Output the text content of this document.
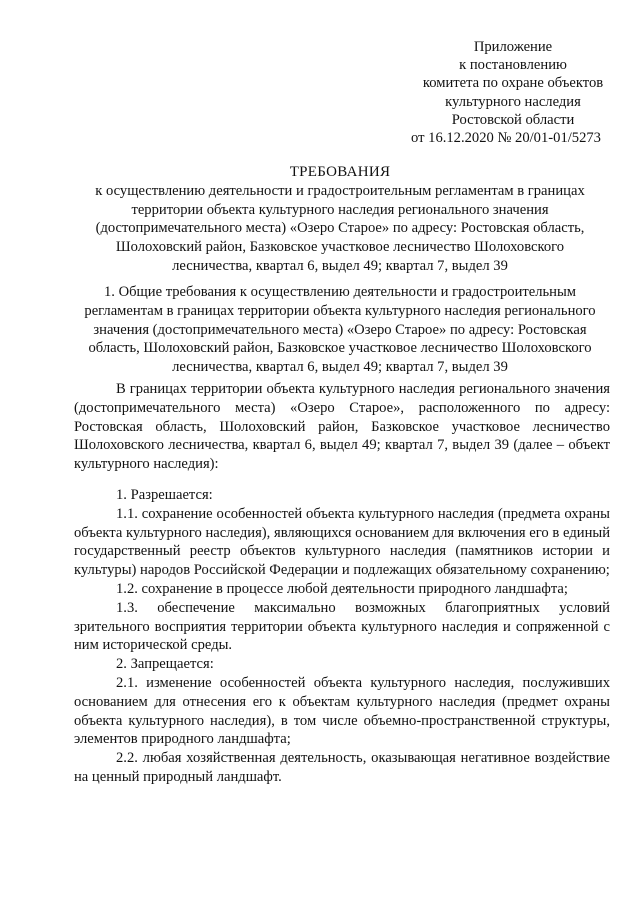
Приложение
к постановлению
комитета по охране объектов
культурного наследия
Ростовской области
от 16.12.2020 № 20/01-01/5273
ТРЕБОВАНИЯ
к осуществлению деятельности и градостроительным регламентам в границах
территории объекта культурного наследия регионального значения
(достопримечательного места) «Озеро Старое» по адресу: Ростовская область,
Шолоховский район, Базковское участковое лесничество Шолоховского
лесничества, квартал 6, выдел 49; квартал 7, выдел 39
1. Общие требования к осуществлению деятельности и градостроительным
регламентам в границах территории объекта культурного наследия регионального
значения (достопримечательного места) «Озеро Старое» по адресу: Ростовская
область, Шолоховский район, Базковское участковое лесничество Шолоховского
лесничества, квартал 6, выдел 49; квартал 7, выдел 39

В границах территории объекта культурного наследия регионального значения (достопримечательного места) «Озеро Старое», расположенного по адресу: Ростовская область, Шолоховский район, Базковское участковое лесничество Шолоховского лесничества, квартал 6, выдел 49; квартал 7, выдел 39 (далее – объект культурного наследия):

1. Разрешается:

1.1. сохранение особенностей объекта культурного наследия (предмета охраны объекта культурного наследия), являющихся основанием для включения его в единый государственный реестр объектов культурного наследия (памятников истории и культуры) народов Российской Федерации и подлежащих обязательному сохранению;

1.2. сохранение в процессе любой деятельности природного ландшафта;

1.3. обеспечение максимально возможных благоприятных условий зрительного восприятия территории объекта культурного наследия и сопряженной с ним исторической среды.

2. Запрещается:

2.1. изменение особенностей объекта культурного наследия, послуживших основанием для отнесения его к объектам культурного наследия (предмет охраны объекта культурного наследия), в том числе объемно-пространственной структуры, элементов природного ландшафта;

2.2. любая хозяйственная деятельность, оказывающая негативное воздействие на ценный природный ландшафт.
